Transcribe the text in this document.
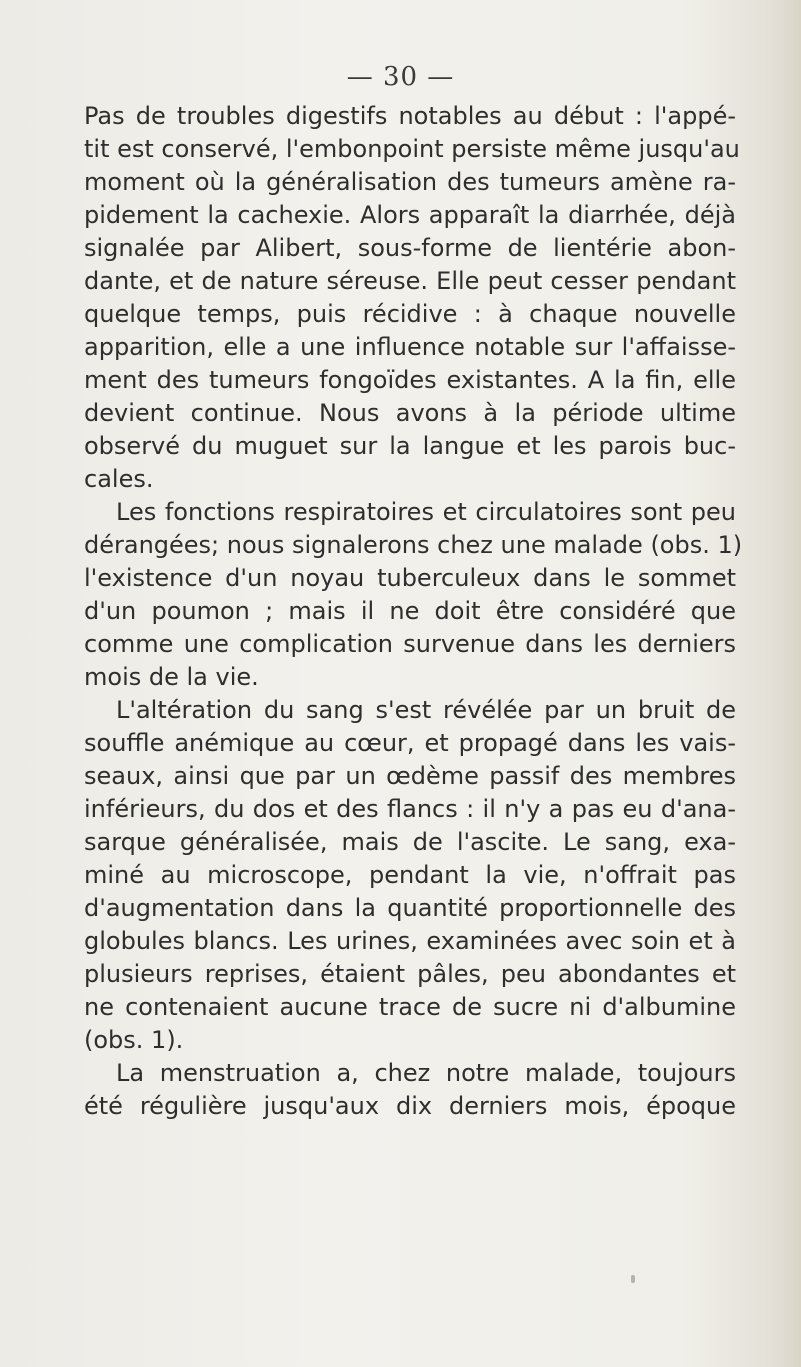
— 30 —
Pas de troubles digestifs notables au début : l'appé-
tit est conservé, l'embonpoint persiste même jusqu'au
moment où la généralisation des tumeurs amène ra-
pidement la cachexie. Alors apparaît la diarrhée, déjà
signalée par Alibert, sous-forme de lientérie abon-
dante, et de nature séreuse. Elle peut cesser pendant
quelque temps, puis récidive : à chaque nouvelle
apparition, elle a une influence notable sur l'affaisse-
ment des tumeurs fongoïdes existantes. A la fin, elle
devient continue. Nous avons à la période ultime
observé du muguet sur la langue et les parois buc-
cales.
Les fonctions respiratoires et circulatoires sont peu
dérangées; nous signalerons chez une malade (obs. 1)
l'existence d'un noyau tuberculeux dans le sommet
d'un poumon ; mais il ne doit être considéré que
comme une complication survenue dans les derniers
mois de la vie.
L'altération du sang s'est révélée par un bruit de
souffle anémique au cœur, et propagé dans les vais-
seaux, ainsi que par un œdème passif des membres
inférieurs, du dos et des flancs : il n'y a pas eu d'ana-
sarque généralisée, mais de l'ascite. Le sang, exa-
miné au microscope, pendant la vie, n'offrait pas
d'augmentation dans la quantité proportionnelle des
globules blancs. Les urines, examinées avec soin et à
plusieurs reprises, étaient pâles, peu abondantes et
ne contenaient aucune trace de sucre ni d'albumine
(obs. 1).
La menstruation a, chez notre malade, toujours
été régulière jusqu'aux dix derniers mois, époque
